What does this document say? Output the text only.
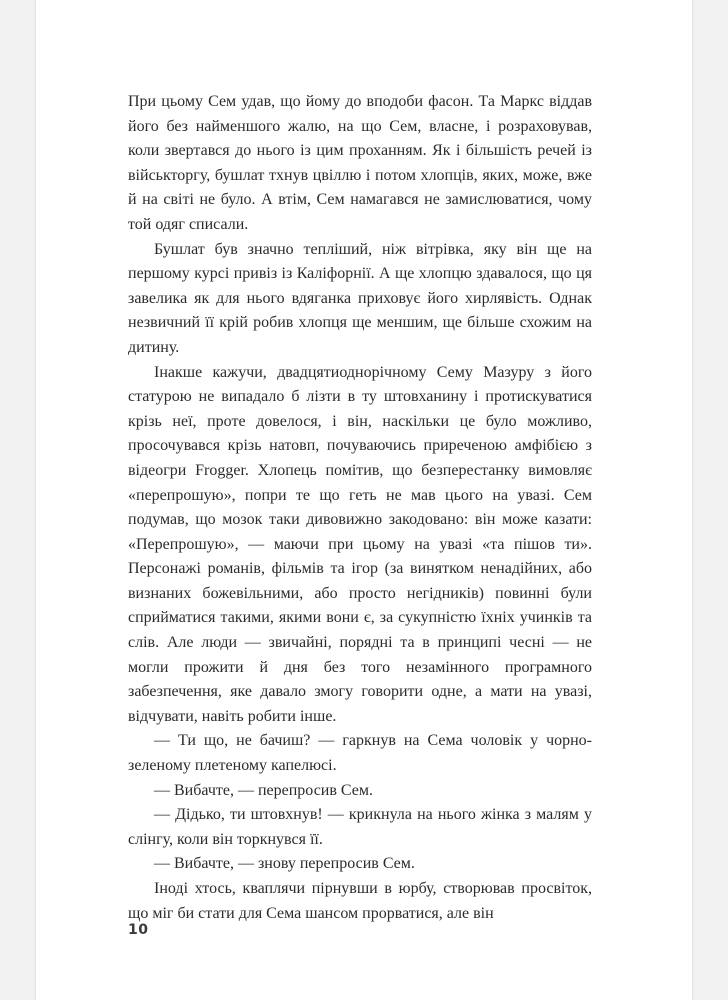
При цьому Сем удав, що йому до вподоби фасон. Та Маркс віддав його без найменшого жалю, на що Сем, власне, і розраховував, коли звертався до нього із цим проханням. Як і більшість речей із військторгу, бушлат тхнув цвіллю і потом хлопців, яких, може, вже й на світі не було. А втім, Сем намагався не замислюватися, чому той одяг списали.

Бушлат був значно тепліший, ніж вітрівка, яку він ще на першому курсі привіз із Каліфорнії. А ще хлопцю здавалося, що ця завелика як для нього вдяганка приховує його хирлявість. Однак незвичний її крій робив хлопця ще меншим, ще більше схожим на дитину.

Інакше кажучи, двадцятиоднорічному Сему Мазуру з його статурою не випадало б лізти в ту штовханину і протискуватися крізь неї, проте довелося, і він, наскільки це було можливо, просочувався крізь натовп, почуваючись приреченою амфібією з відеогри Frogger. Хлопець помітив, що безперестанку вимовляє «перепрошую», попри те що геть не мав цього на увазі. Сем подумав, що мозок таки дивовижно закодовано: він може казати: «Перепрошую», — маючи при цьому на увазі «та пішов ти». Персонажі романів, фільмів та ігор (за винятком ненадійних, або визнаних божевільними, або просто негідників) повинні були сприйматися такими, якими вони є, за сукупністю їхніх учинків та слів. Але люди — звичайні, порядні та в принципі чесні — не могли прожити й дня без того незамінного програмного забезпечення, яке давало змогу говорити одне, а мати на увазі, відчувати, навіть робити інше.

— Ти що, не бачиш? — гаркнув на Сема чоловік у чорно-зеленому плетеному капелюсі.

— Вибачте, — перепросив Сем.

— Дідько, ти штовхнув! — крикнула на нього жінка з малям у слінгу, коли він торкнувся її.

— Вибачте, — знову перепросив Сем.

Іноді хтось, кваплячи пірнувши в юрбу, створював просвіток, що міг би стати для Сема шансом прорватися, але він

10
